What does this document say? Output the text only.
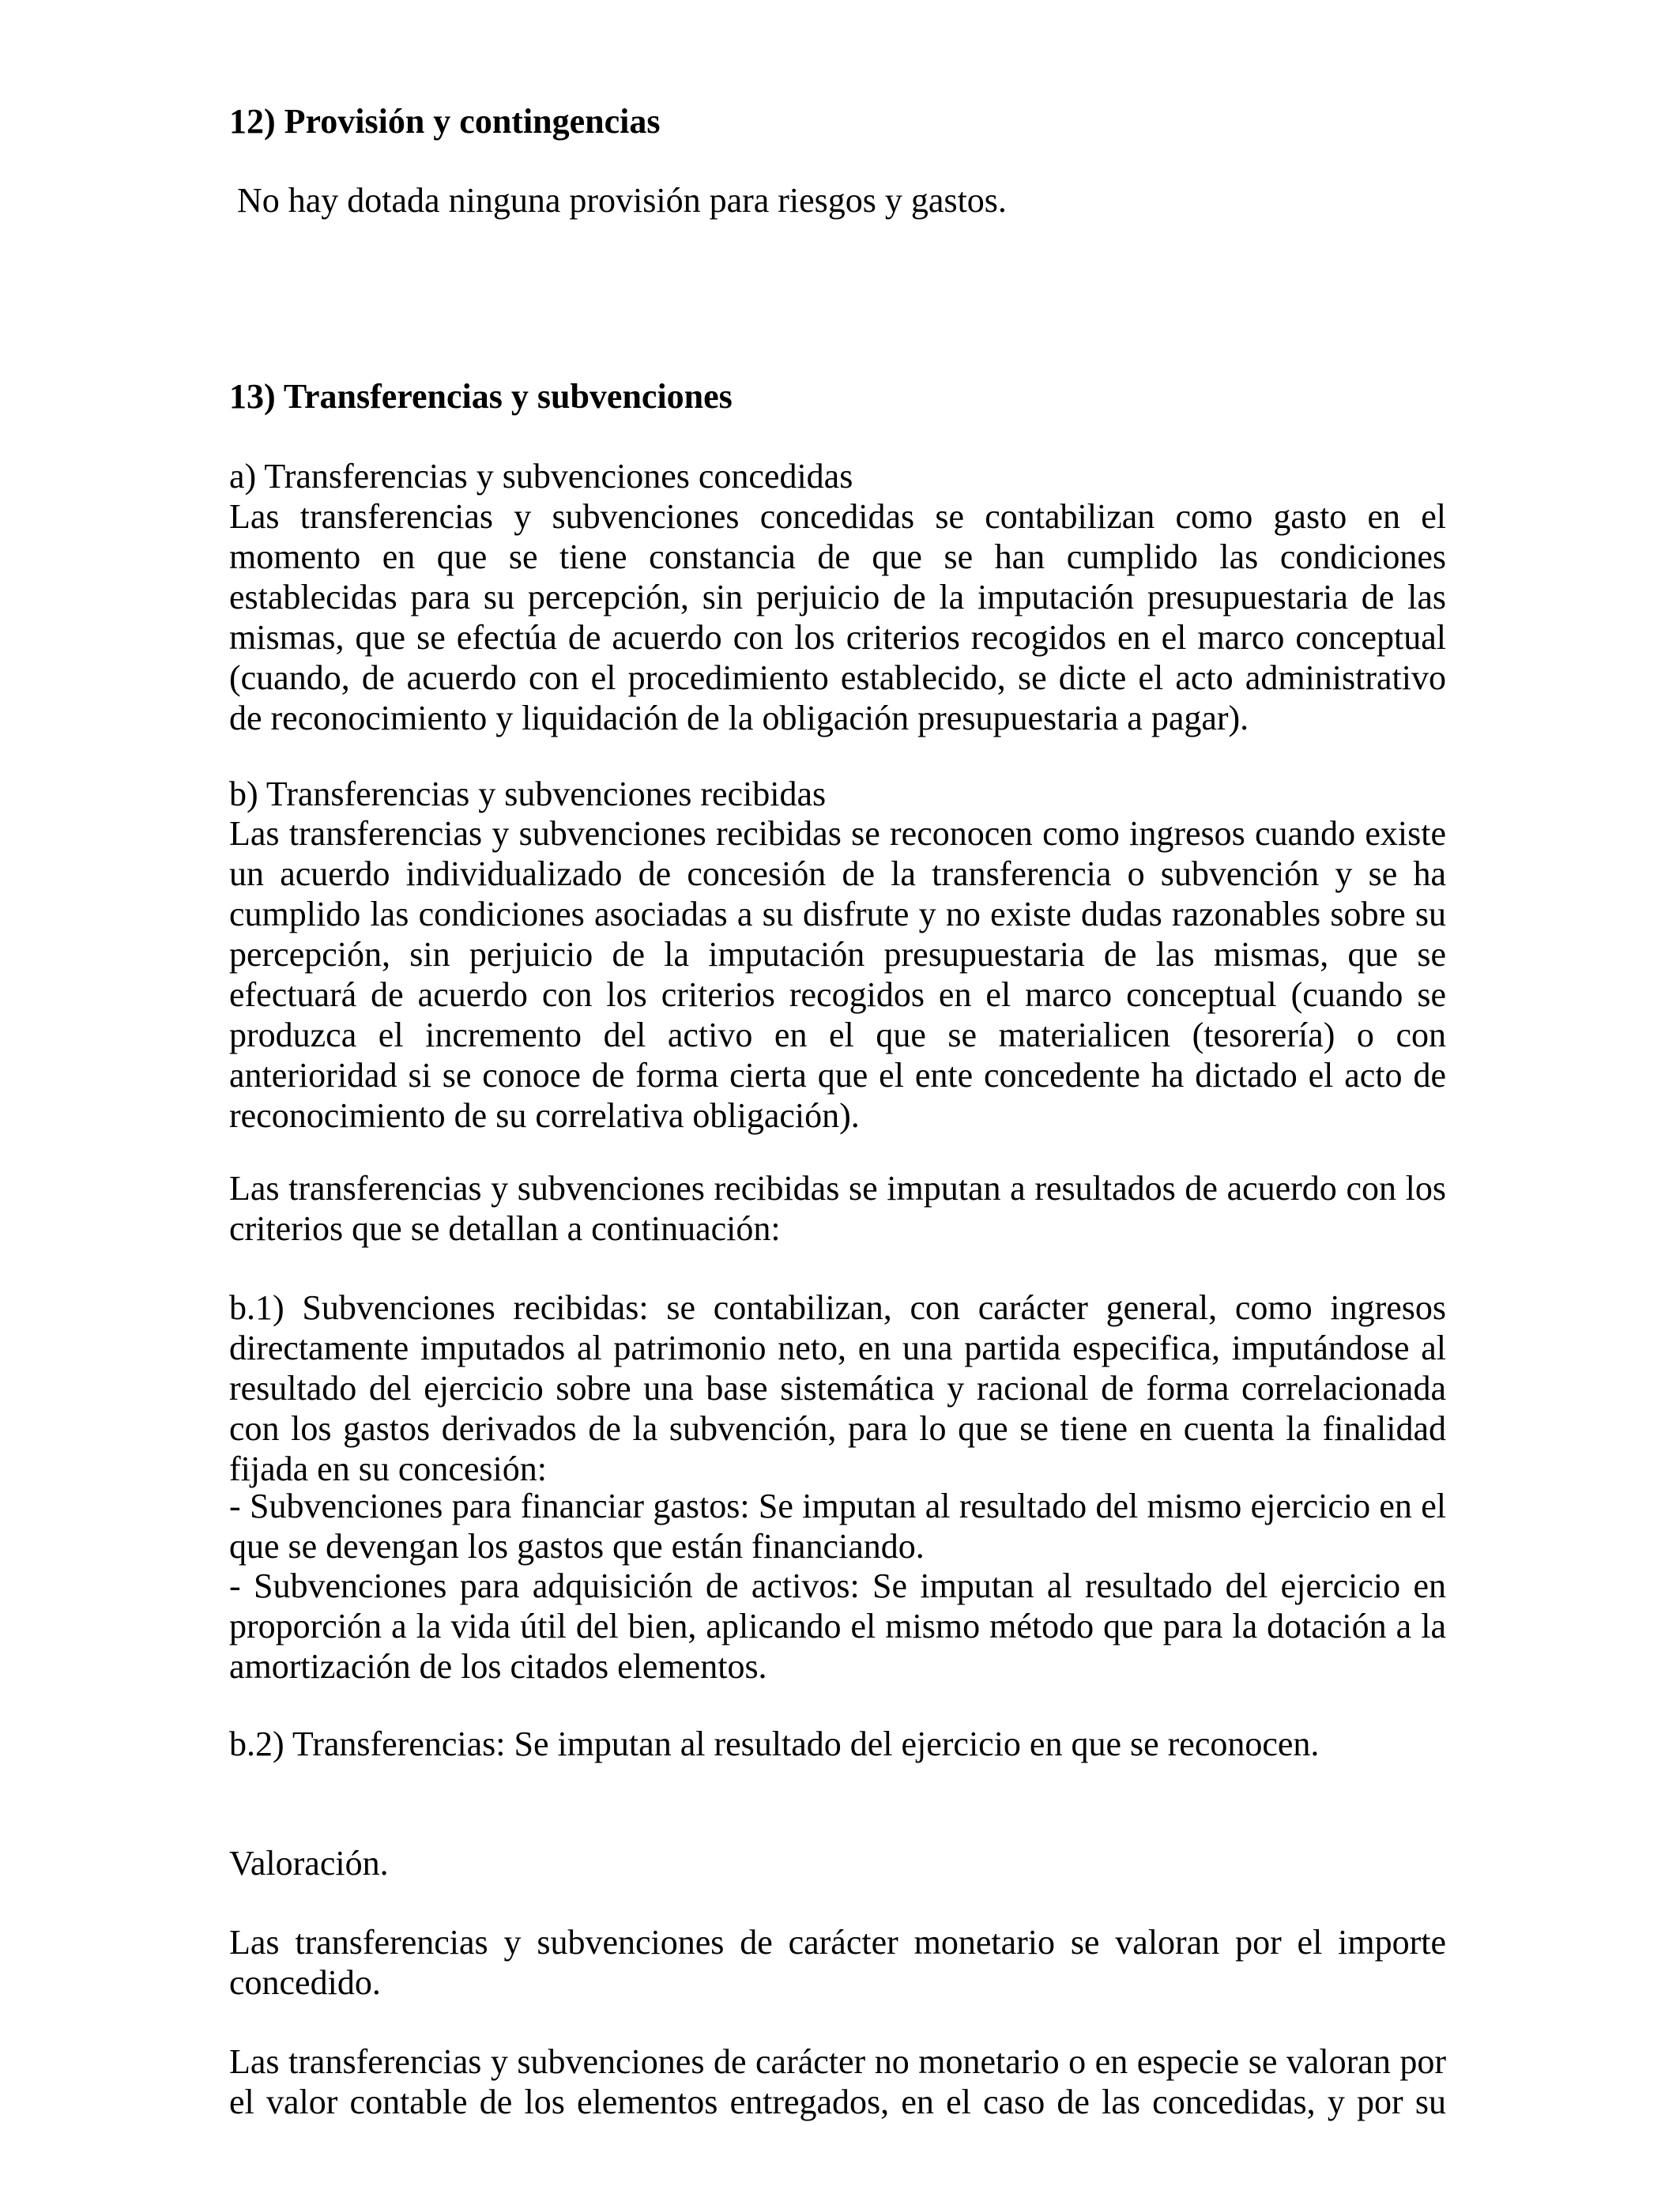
12) Provisión y contingencias

No hay dotada ninguna provisión para riesgos y gastos.

13) Transferencias y subvenciones

a) Transferencias y subvenciones concedidas

Las transferencias y subvenciones concedidas se contabilizan como gasto en el momento en que se tiene constancia de que se han cumplido las condiciones establecidas para su percepción, sin perjuicio de la imputación presupuestaria de las mismas, que se efectúa de acuerdo con los criterios recogidos en el marco conceptual (cuando, de acuerdo con el procedimiento establecido, se dicte el acto administrativo de reconocimiento y liquidación de la obligación presupuestaria a pagar).

b) Transferencias y subvenciones recibidas

Las transferencias y subvenciones recibidas se reconocen como ingresos cuando existe un acuerdo individualizado de concesión de la transferencia o subvención y se ha cumplido las condiciones asociadas a su disfrute y no existe dudas razonables sobre su percepción, sin perjuicio de la imputación presupuestaria de las mismas, que se efectuará de acuerdo con los criterios recogidos en el marco conceptual (cuando se produzca el incremento del activo en el que se materialicen (tesorería) o con anterioridad si se conoce de forma cierta que el ente concedente ha dictado el acto de reconocimiento de su correlativa obligación).

Las transferencias y subvenciones recibidas se imputan a resultados de acuerdo con los criterios que se detallan a continuación:

b.1) Subvenciones recibidas: se contabilizan, con carácter general, como ingresos directamente imputados al patrimonio neto, en una partida especifica, imputándose al resultado del ejercicio sobre una base sistemática y racional de forma correlacionada con los gastos derivados de la subvención, para lo que se tiene en cuenta la finalidad fijada en su concesión:

- Subvenciones para financiar gastos: Se imputan al resultado del mismo ejercicio en el que se devengan los gastos que están financiando.

- Subvenciones para adquisición de activos: Se imputan al resultado del ejercicio en proporción a la vida útil del bien, aplicando el mismo método que para la dotación a la amortización de los citados elementos.

b.2) Transferencias: Se imputan al resultado del ejercicio en que se reconocen.

Valoración.

Las transferencias y subvenciones de carácter monetario se valoran por el importe concedido.

Las transferencias y subvenciones de carácter no monetario o en especie se valoran por
el valor contable de los elementos entregados, en el caso de las concedidas, y por su
